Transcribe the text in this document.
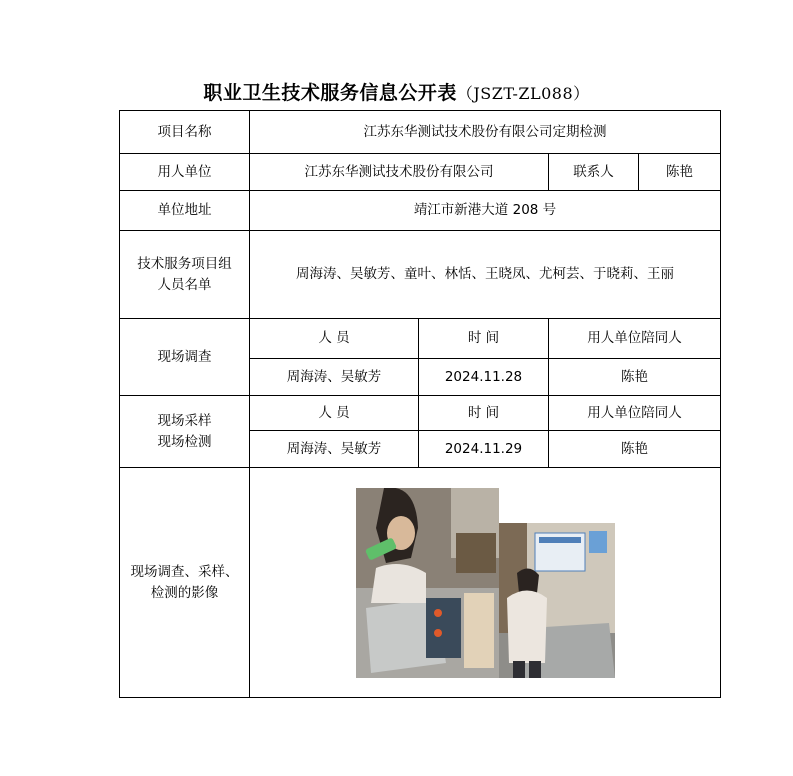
职业卫生技术服务信息公开表（JSZT-ZL088）
项目名称	江苏东华测试技术股份有限公司定期检测			
用人单位	江苏东华测试技术股份有限公司		联系人	陈艳
单位地址	靖江市新港大道 208 号			

技术服务项目组
人员名单	周海涛、吴敏芳、童叶、林恬、王晓凤、尤柯芸、于晓莉、王丽			
现场调查	人 员	时 间	用人单位陪同人	
	周海涛、吴敏芳	2024.11.28	陈艳	

现场采样
现场检测	人 员	时 间	用人单位陪同人	
	周海涛、吴敏芳	2024.11.29	陈艳	

现场调查、采样、
检测的影像
